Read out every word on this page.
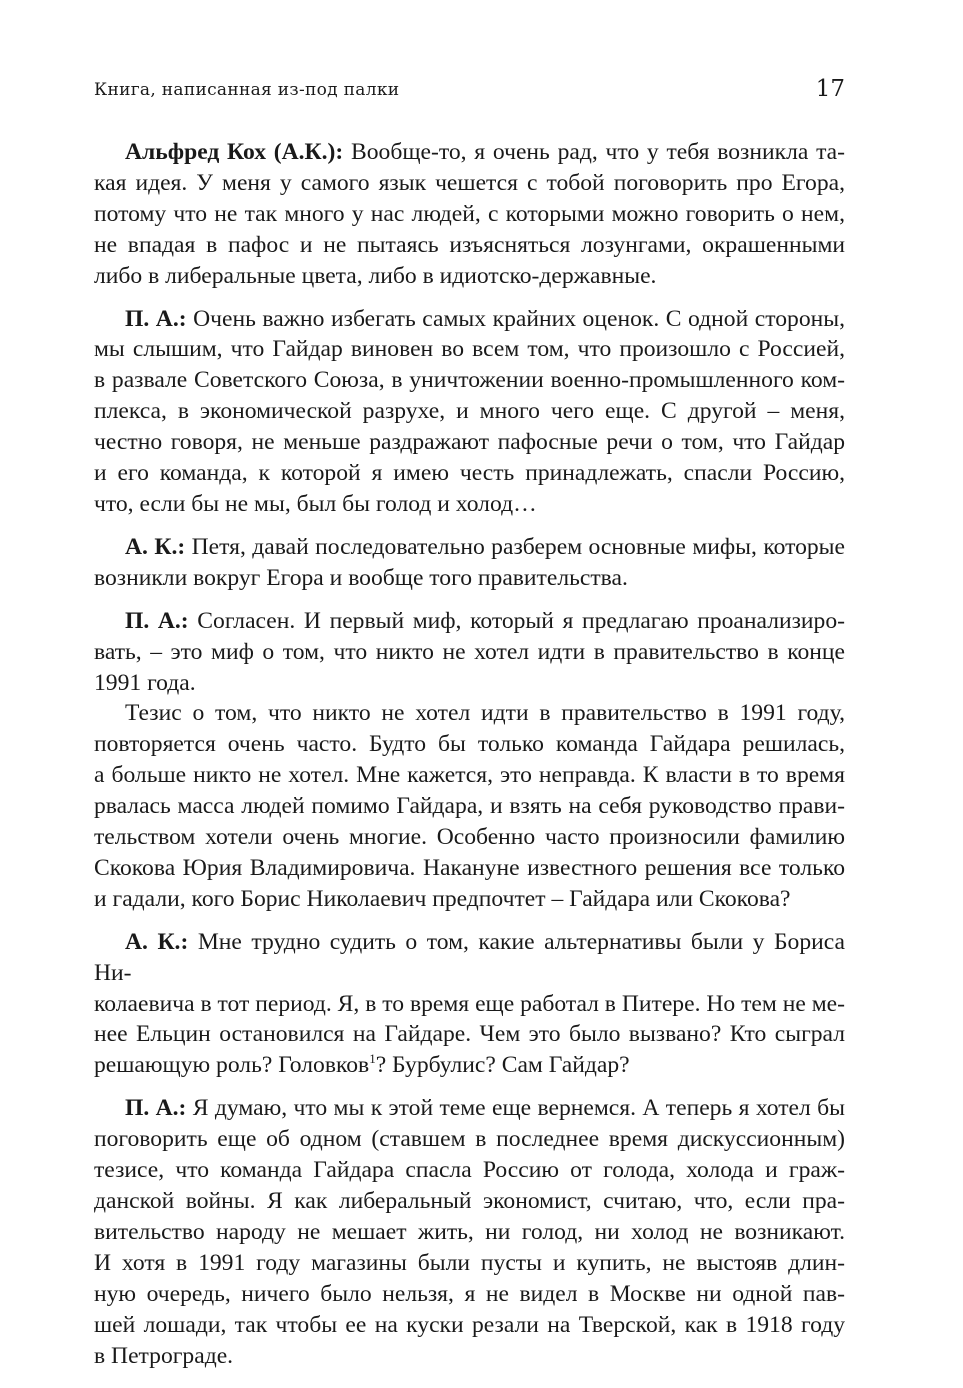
Книга, написанная из-под палки	17
Альфред Кох (А.К.): Вообще-то, я очень рад, что у тебя возникла та-
кая идея. У меня у самого язык чешется с тобой поговорить про Егора,
потому что не так много у нас людей, с которыми можно говорить о нем,
не впадая в пафос и не пытаясь изъясняться лозунгами, окрашенными
либо в либеральные цвета, либо в идиотско-державные.
П. А.: Очень важно избегать самых крайних оценок. С одной стороны,
мы слышим, что Гайдар виновен во всем том, что произошло с Россией,
в развале Советского Союза, в уничтожении военно-промышленного ком-
плекса, в экономической разрухе, и много чего еще. С другой – меня,
честно говоря, не меньше раздражают пафосные речи о том, что Гайдар
и его команда, к которой я имею честь принадлежать, спасли Россию,
что, если бы не мы, был бы голод и холод…
А. К.: Петя, давай последовательно разберем основные мифы, которые
возникли вокруг Егора и вообще того правительства.
П. А.: Согласен. И первый миф, который я предлагаю проанализиро-
вать, – это миф о том, что никто не хотел идти в правительство в конце
1991 года.
Тезис о том, что никто не хотел идти в правительство в 1991 году,
повторяется очень часто. Будто бы только команда Гайдара решилась,
а больше никто не хотел. Мне кажется, это неправда. К власти в то время
рвалась масса людей помимо Гайдара, и взять на себя руководство прави-
тельством хотели очень многие. Особенно часто произносили фамилию
Скокова Юрия Владимировича. Накануне известного решения все только
и гадали, кого Борис Николаевич предпочтет – Гайдара или Скокова?
А. К.: Мне трудно судить о том, какие альтернативы были у Бориса Ни-
колаевича в тот период. Я, в то время еще работал в Питере. Но тем не ме-
нее Ельцин остановился на Гайдаре. Чем это было вызвано? Кто сыграл
решающую роль? Головков$^1$? Бурбулис? Сам Гайдар?
П. А.: Я думаю, что мы к этой теме еще вернемся. А теперь я хотел бы
поговорить еще об одном (ставшем в последнее время дискуссионным)
тезисе, что команда Гайдара спасла Россию от голода, холода и граж-
данской войны. Я как либеральный экономист, считаю, что, если пра-
вительство народу не мешает жить, ни голод, ни холод не возникают.
И хотя в 1991 году магазины были пусты и купить, не выстояв длин-
ную очередь, ничего было нельзя, я не видел в Москве ни одной пав-
шей лошади, так чтобы ее на куски резали на Тверской, как в 1918 году
в Петрограде.
